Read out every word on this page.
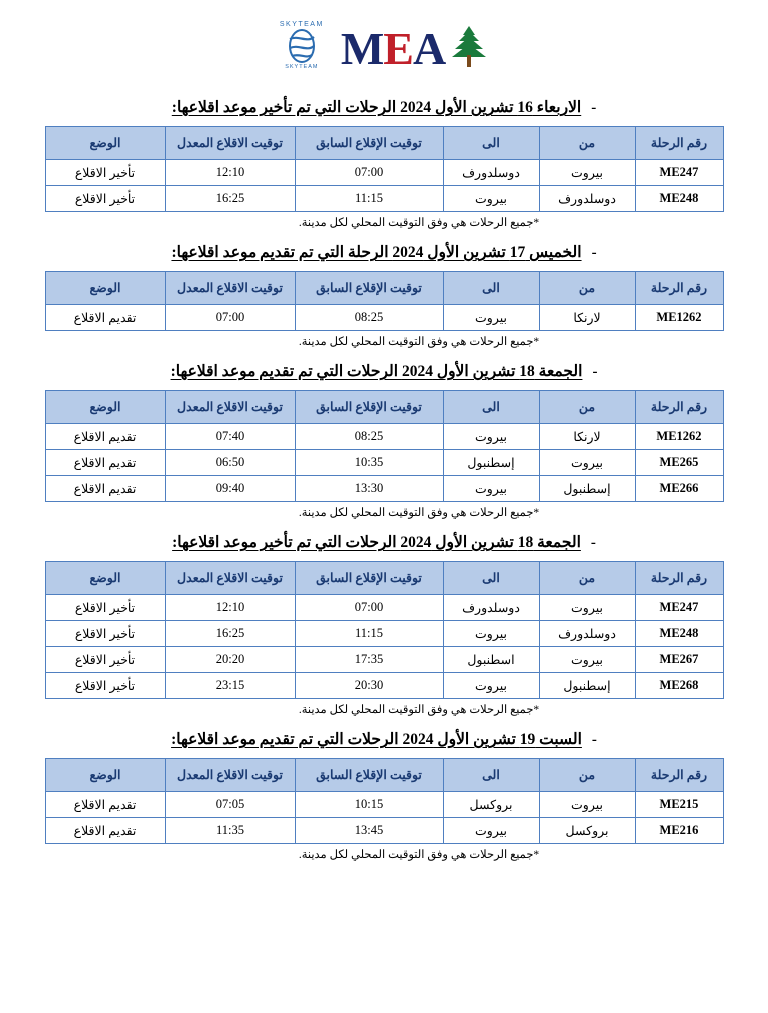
MEA
SKYTEAM
SKYTEAM
-
الاربعاء 16 تشرين الأول 2024 الرحلات التي تم تأخير موعد اقلاعها:
رقم الرحلة	من	الى	توقيت الإقلاع السابق	توقيت الاقلاع المعدل	الوضع
ME247	بيروت	دوسلدورف	07:00	12:10	تأخير الاقلاع
ME248	دوسلدورف	بيروت	11:15	16:25	تأخير الاقلاع
*جميع الرحلات هي وفق التوقيت المحلي لكل مدينة.
-
الخميس 17 تشرين الأول 2024 الرحلة التي تم تقديم موعد اقلاعها:
رقم الرحلة	من	الى	توقيت الإقلاع السابق	توقيت الاقلاع المعدل	الوضع
ME1262	لارنكا	بيروت	08:25	07:00	تقديم الاقلاع
*جميع الرحلات هي وفق التوقيت المحلي لكل مدينة.
-
الجمعة 18 تشرين الأول 2024 الرحلات التي تم تقديم موعد اقلاعها:
رقم الرحلة	من	الى	توقيت الإقلاع السابق	توقيت الاقلاع المعدل	الوضع
ME1262	لارنكا	بيروت	08:25	07:40	تقديم الاقلاع
ME265	بيروت	إسطنبول	10:35	06:50	تقديم الاقلاع
ME266	إسطنبول	بيروت	13:30	09:40	تقديم الاقلاع
*جميع الرحلات هي وفق التوقيت المحلي لكل مدينة.
-
الجمعة 18 تشرين الأول 2024 الرحلات التي تم تأخير موعد اقلاعها:
رقم الرحلة	من	الى	توقيت الإقلاع السابق	توقيت الاقلاع المعدل	الوضع
ME247	بيروت	دوسلدورف	07:00	12:10	تأخير الاقلاع
ME248	دوسلدورف	بيروت	11:15	16:25	تأخير الاقلاع
ME267	بيروت	اسطنبول	17:35	20:20	تأخير الاقلاع
ME268	إسطنبول	بيروت	20:30	23:15	تأخير الاقلاع
*جميع الرحلات هي وفق التوقيت المحلي لكل مدينة.
-
السبت 19 تشرين الأول 2024 الرحلات التي تم تقديم موعد اقلاعها:
رقم الرحلة	من	الى	توقيت الإقلاع السابق	توقيت الاقلاع المعدل	الوضع
ME215	بيروت	بروكسل	10:15	07:05	تقديم الاقلاع
ME216	بروكسل	بيروت	13:45	11:35	تقديم الاقلاع
*جميع الرحلات هي وفق التوقيت المحلي لكل مدينة.
